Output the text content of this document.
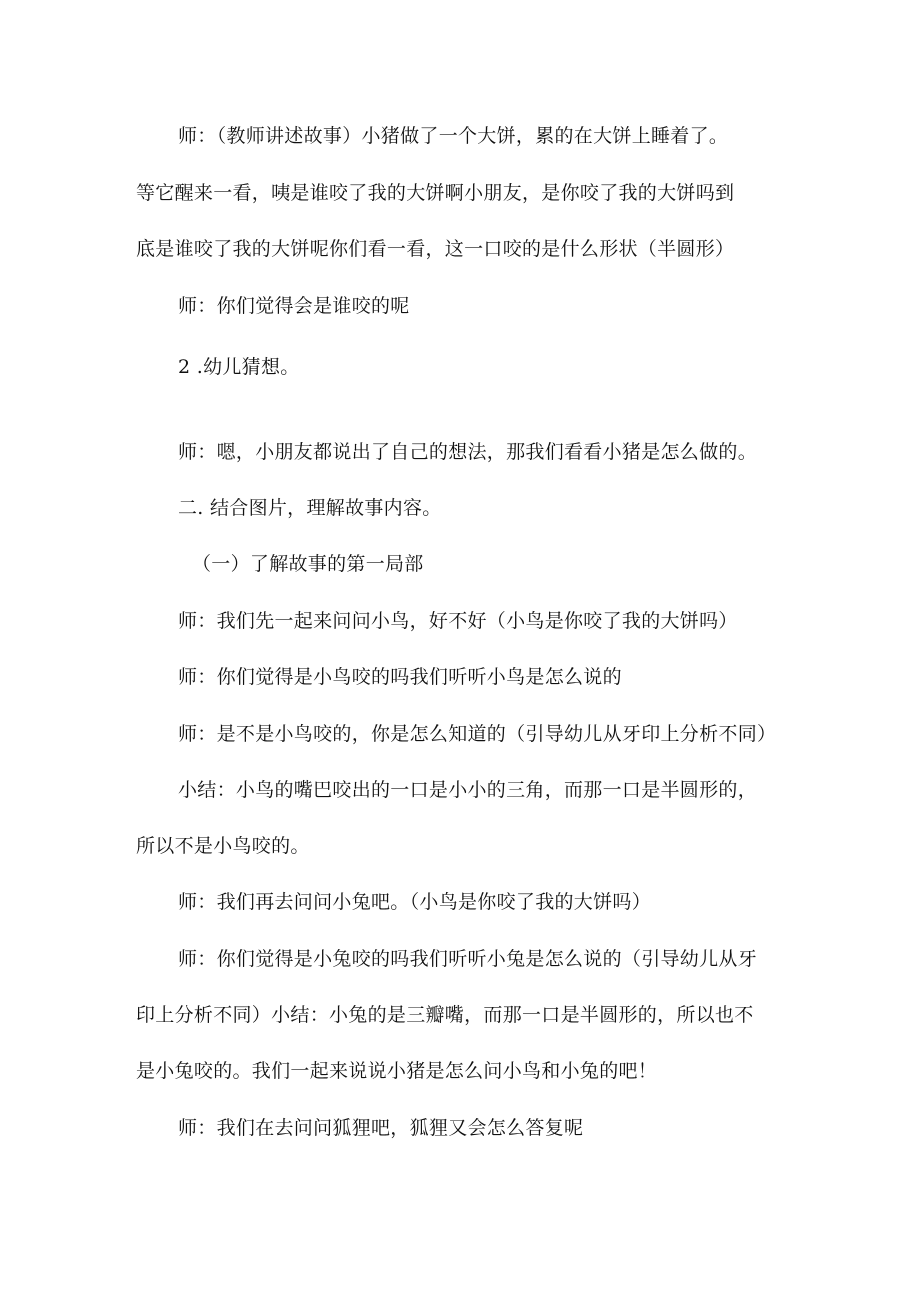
师：（教师讲述故事）小猪做了一个大饼，累的在大饼上睡着了。

等它醒来一看，咦是谁咬了我的大饼啊小朋友，是你咬了我的大饼吗到

底是谁咬了我的大饼呢你们看一看，这一口咬的是什么形状（半圆形）

师：你们觉得会是谁咬的呢

2 .幼儿猜想。

师：嗯，小朋友都说出了自己的想法，那我们看看小猪是怎么做的。

二. 结合图片，理解故事内容。

（一）了解故事的第一局部

师：我们先一起来问问小鸟，好不好（小鸟是你咬了我的大饼吗）

师：你们觉得是小鸟咬的吗我们听听小鸟是怎么说的

师：是不是小鸟咬的，你是怎么知道的（引导幼儿从牙印上分析不同）

小结：小鸟的嘴巴咬出的一口是小小的三角，而那一口是半圆形的，

所以不是小鸟咬的。

师：我们再去问问小兔吧。（小鸟是你咬了我的大饼吗）

师：你们觉得是小兔咬的吗我们听听小兔是怎么说的（引导幼儿从牙

印上分析不同）小结：小兔的是三瓣嘴，而那一口是半圆形的，所以也不

是小兔咬的。我们一起来说说小猪是怎么问小鸟和小兔的吧！

师：我们在去问问狐狸吧，狐狸又会怎么答复呢
